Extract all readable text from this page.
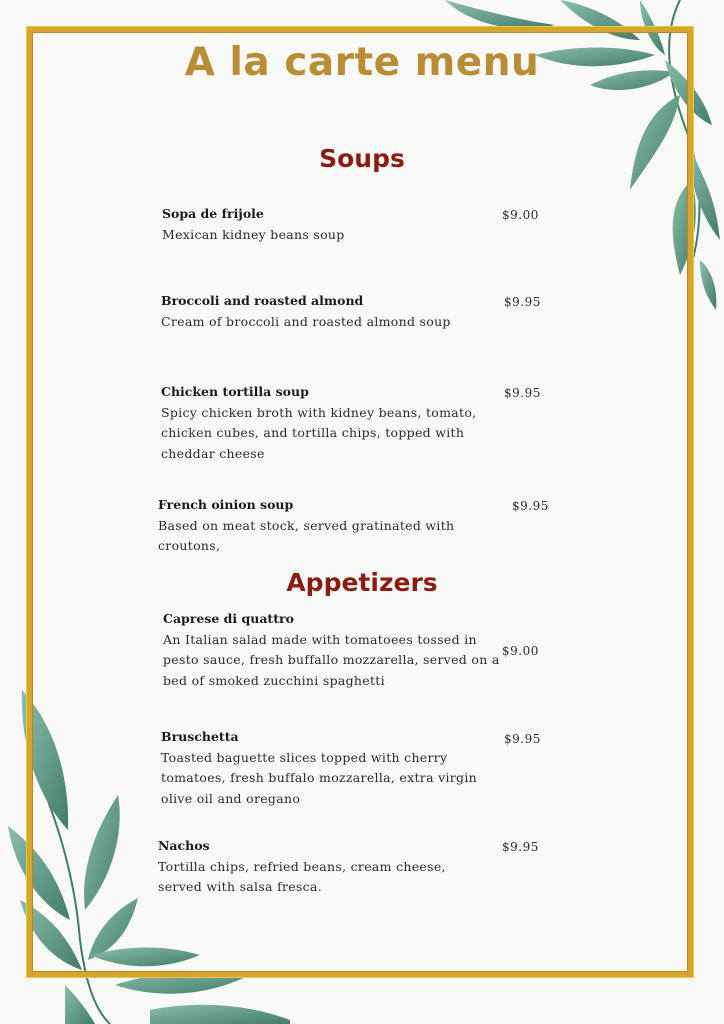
A la carte menu
Soups
Sopa de frijole
Mexican kidney beans soup
$9.00
Broccoli and roasted almond
Cream of broccoli and roasted almond soup
$9.95
Chicken tortilla soup
Spicy chicken broth with kidney beans, tomato,
chicken cubes, and tortilla chips, topped with
cheddar cheese
$9.95
French oinion soup
Based on meat stock, served gratinated with
croutons,
$9.95
Appetizers
Caprese di quattro
An Italian salad made with tomatoees tossed in
pesto sauce, fresh buffallo mozzarella, served on a
bed of smoked zucchini spaghetti
$9.00
Bruschetta
Toasted baguette slices topped with cherry
tomatoes, fresh buffalo mozzarella, extra virgin
olive oil and oregano
$9.95
Nachos
Tortilla chips, refried beans, cream cheese,
served with salsa fresca.
$9.95
